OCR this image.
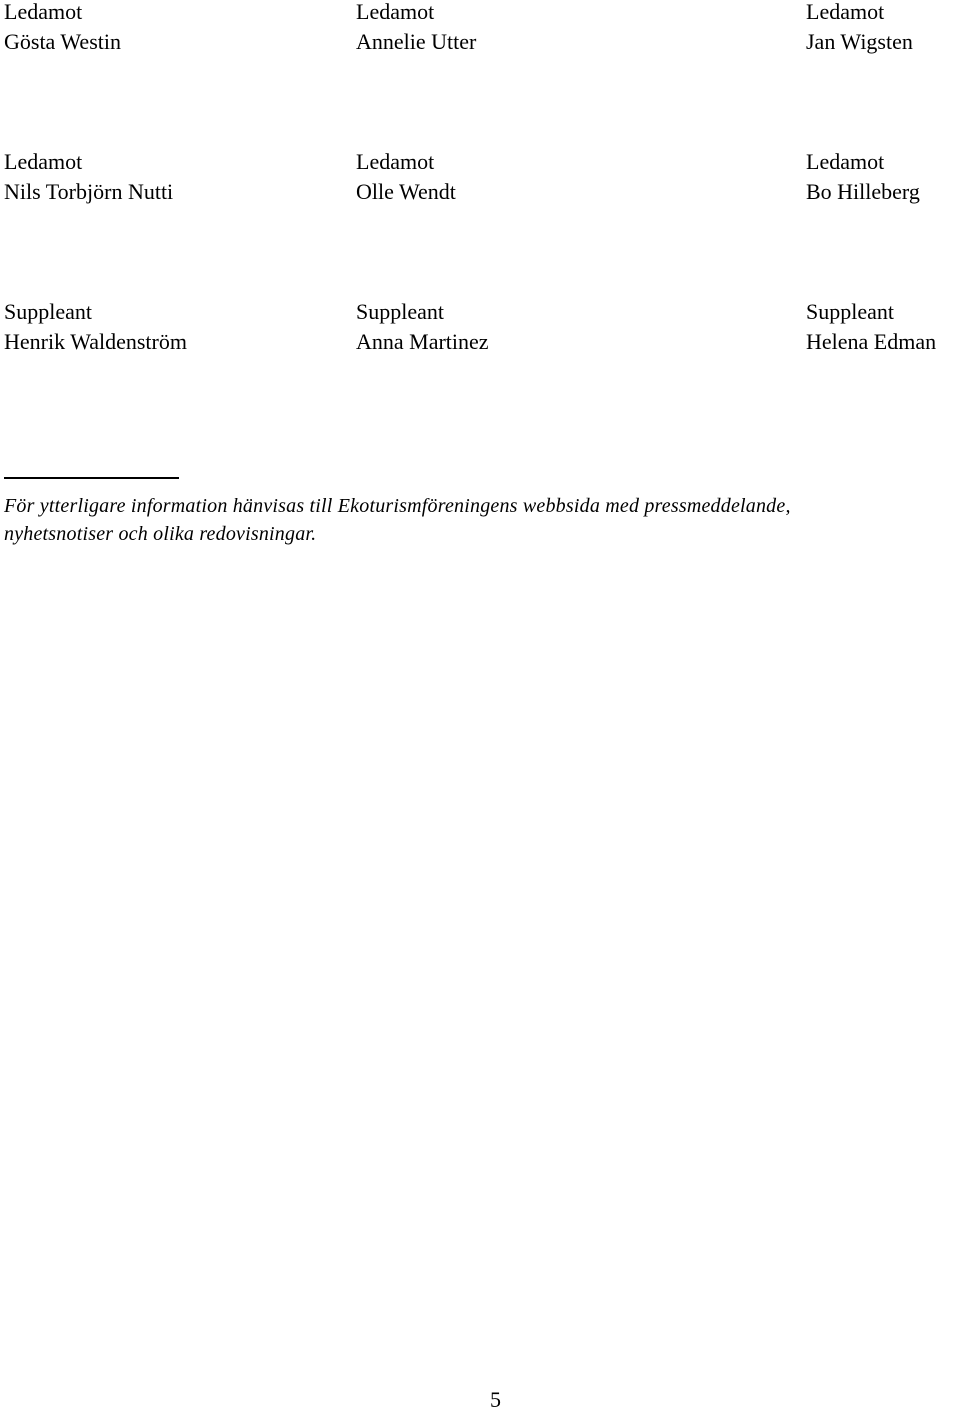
Ledamot
Gösta Westin
Ledamot
Annelie Utter
Ledamot
Jan Wigsten
Ledamot
Nils Torbjörn Nutti
Ledamot
Olle Wendt
Ledamot
Bo Hilleberg
Suppleant
Henrik Waldenström
Suppleant
Anna Martinez
Suppleant
Helena Edman
För ytterligare information hänvisas till Ekoturismföreningens webbsida med pressmeddelande,
nyhetsnotiser och olika redovisningar.
5
